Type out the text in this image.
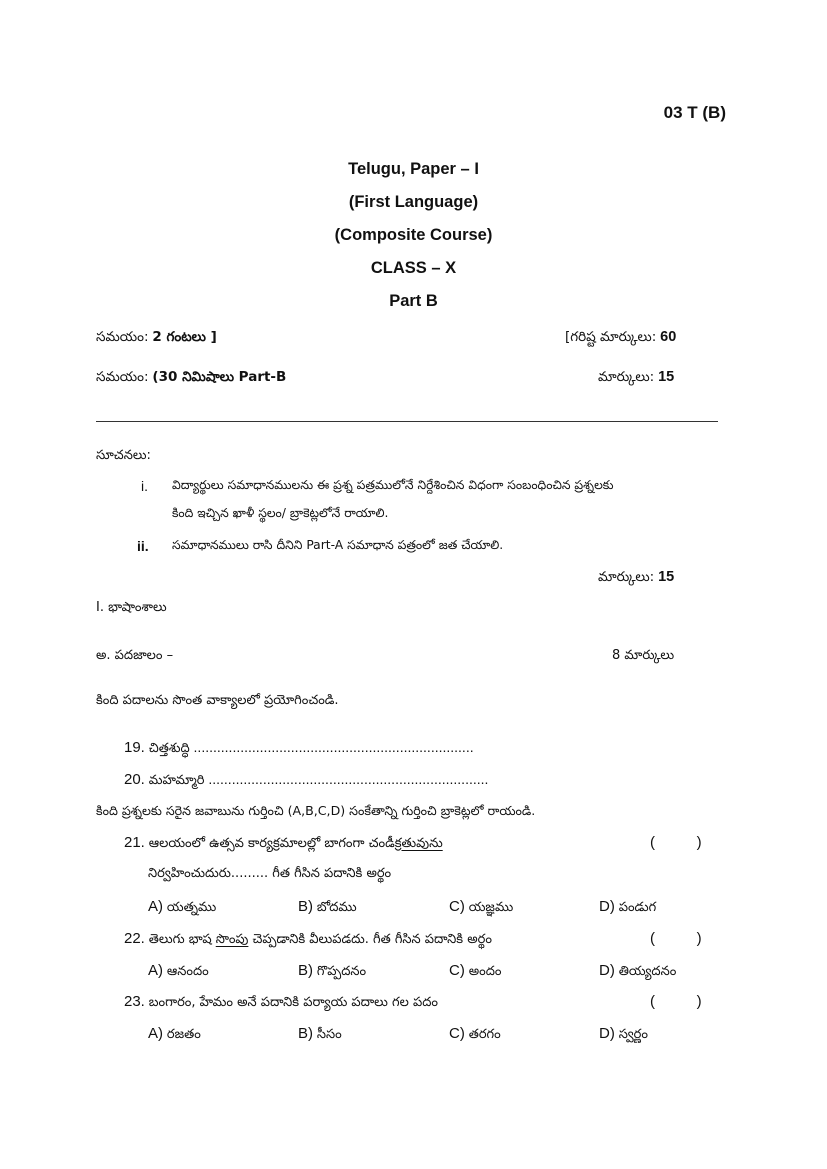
03 T (B)
Telugu, Paper – I
(First Language)
(Composite Course)
CLASS – X
Part B
సమయం: 2 గంటలు ]	[గరిష్ట మార్కులు: 60
సమయం: (30 నిమిషాలు Part-B	మార్కులు: 15
సూచనలు:
i. విద్యార్థులు సమాధానములను ఈ ప్రశ్న పత్రములోనే నిర్దేశించిన విధంగా సంబంధించిన ప్రశ్నలకు
కింది ఇచ్చిన ఖాళీ స్థలం/ బ్రాకెట్లలోనే రాయాలి.
ii. సమాధానములు రాసి దీనిని Part-A సమాధాన పత్రంలో జత చేయాలి.
మార్కులు: 15
I. భాషాంశాలు
అ. పదజాలం –	8 మార్కులు
కింది పదాలను సొంత వాక్యాలలో ప్రయోగించండి.
19. చిత్తశుద్ధి ........................................................................
20. మహమ్మారి ........................................................................
కింది ప్రశ్నలకు సరైన జవాబును గుర్తించి (A,B,C,D) సంకేతాన్ని గుర్తించి బ్రాకెట్లలో రాయండి.
21. ఆలయంలో ఉత్సవ కార్యక్రమాలల్లో బాగంగా చండీక్రతువును	(          )
నిర్వహించుదురు......... గీత గీసిన పదానికి అర్థం
A) యత్నము	B) బోదము	C) యజ్ఞము	D) పండుగ
22. తెలుగు భాష సొంపు చెప్పడానికి వీలుపడదు. గీత గీసిన పదానికి అర్థం	(          )
A) ఆనందం	B) గొప్పదనం	C) అందం	D) తియ్యదనం
23. బంగారం, హేమం అనే పదానికి పర్యాయ పదాలు గల పదం	(          )
A) రజతం	B) సీసం	C) తరగం	D) స్వర్ణం
